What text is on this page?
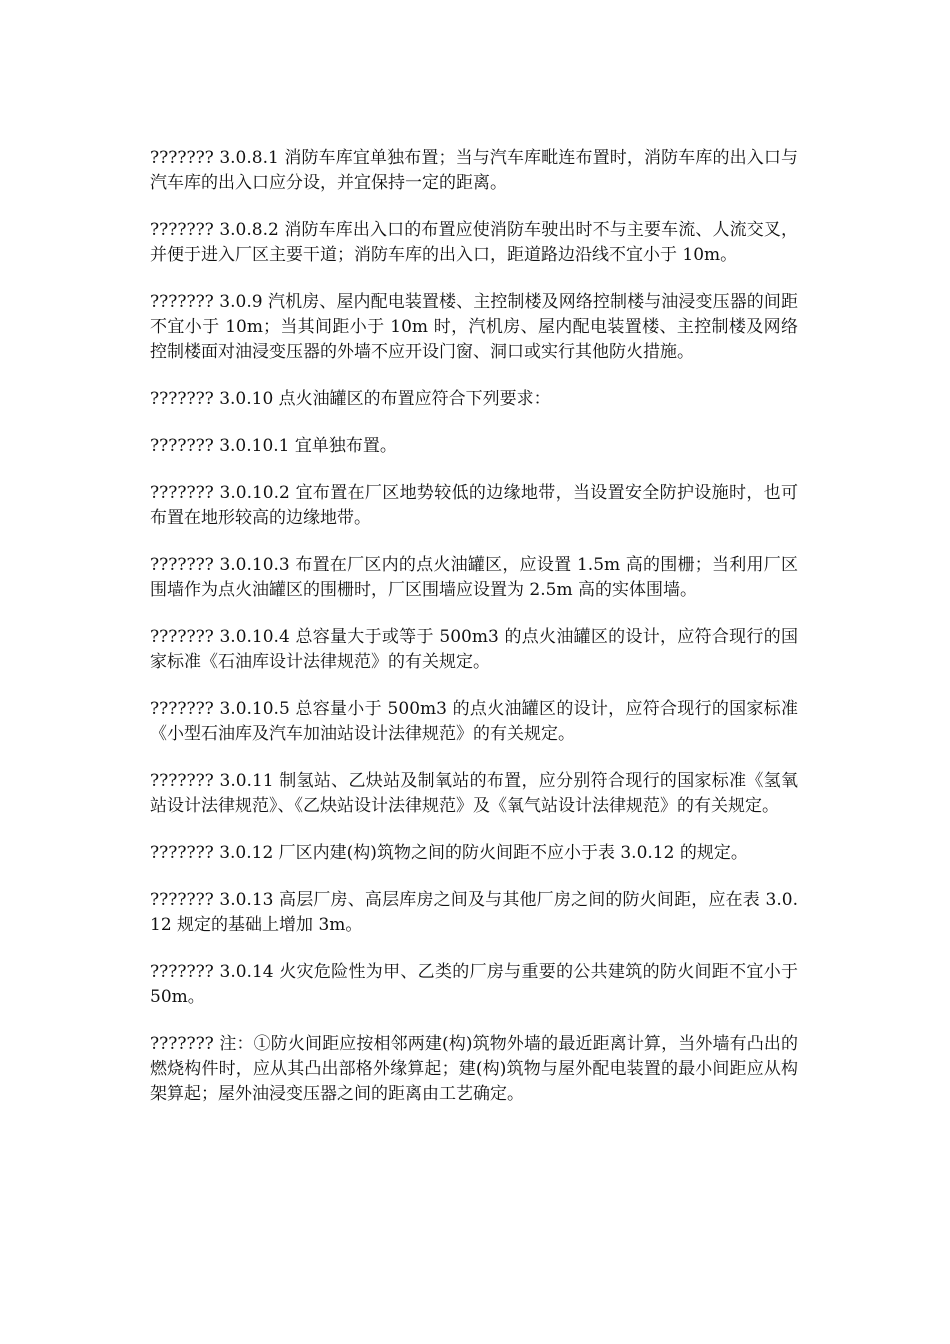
??????? 3.0.8.1 消防车库宜单独布置；当与汽车库毗连布置时，消防车库的出入口与汽车库的出入口应分设，并宜保持一定的距离。

??????? 3.0.8.2 消防车库出入口的布置应使消防车驶出时不与主要车流、人流交叉，并便于进入厂区主要干道；消防车库的出入口，距道路边沿线不宜小于 10m。

??????? 3.0.9 汽机房、屋内配电装置楼、主控制楼及网络控制楼与油浸变压器的间距不宜小于 10m；当其间距小于 10m 时，汽机房、屋内配电装置楼、主控制楼及网络控制楼面对油浸变压器的外墙不应开设门窗、洞口或实行其他防火措施。

??????? 3.0.10 点火油罐区的布置应符合下列要求：

??????? 3.0.10.1 宜单独布置。

??????? 3.0.10.2 宜布置在厂区地势较低的边缘地带，当设置安全防护设施时，也可布置在地形较高的边缘地带。

??????? 3.0.10.3 布置在厂区内的点火油罐区，应设置 1.5m 高的围栅；当利用厂区围墙作为点火油罐区的围栅时，厂区围墙应设置为 2.5m 高的实体围墙。

??????? 3.0.10.4 总容量大于或等于 500m3 的点火油罐区的设计，应符合现行的国家标准《石油库设计法律规范》的有关规定。

??????? 3.0.10.5 总容量小于 500m3 的点火油罐区的设计，应符合现行的国家标准《小型石油库及汽车加油站设计法律规范》的有关规定。

??????? 3.0.11 制氢站、乙炔站及制氧站的布置，应分别符合现行的国家标准《氢氧站设计法律规范》、《乙炔站设计法律规范》及《氧气站设计法律规范》的有关规定。

??????? 3.0.12 厂区内建(构)筑物之间的防火间距不应小于表 3.0.12 的规定。

??????? 3.0.13 高层厂房、高层库房之间及与其他厂房之间的防火间距，应在表 3.0.12 规定的基础上增加 3m。

??????? 3.0.14 火灾危险性为甲、乙类的厂房与重要的公共建筑的防火间距不宜小于 50m。

??????? 注：①防火间距应按相邻两建(构)筑物外墙的最近距离计算，当外墙有凸出的燃烧构件时，应从其凸出部格外缘算起；建(构)筑物与屋外配电装置的最小间距应从构架算起；屋外油浸变压器之间的距离由工艺确定。
